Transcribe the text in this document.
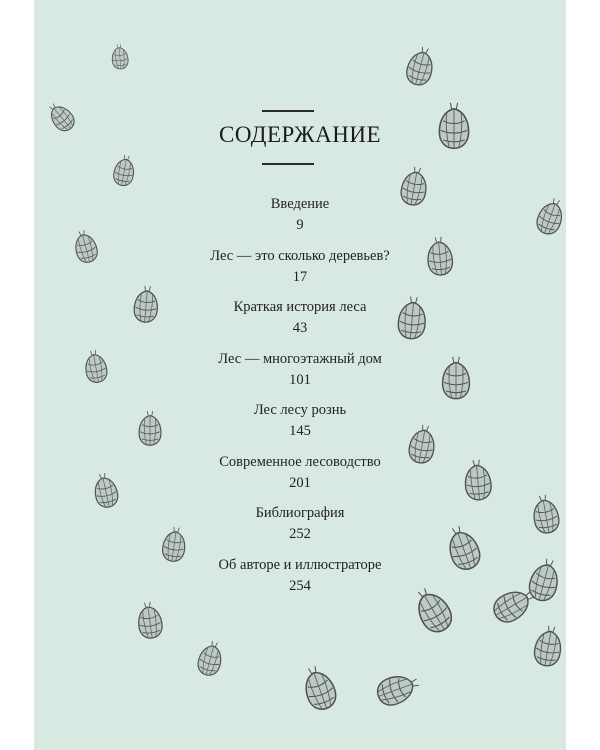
СОДЕРЖАНИЕ
Введение
9
Лес — это сколько деревьев?
17
Краткая история леса
43
Лес — многоэтажный дом
101
Лес лесу рознь
145
Современное лесоводство
201
Библиография
252
Об авторе и иллюстраторе
254
